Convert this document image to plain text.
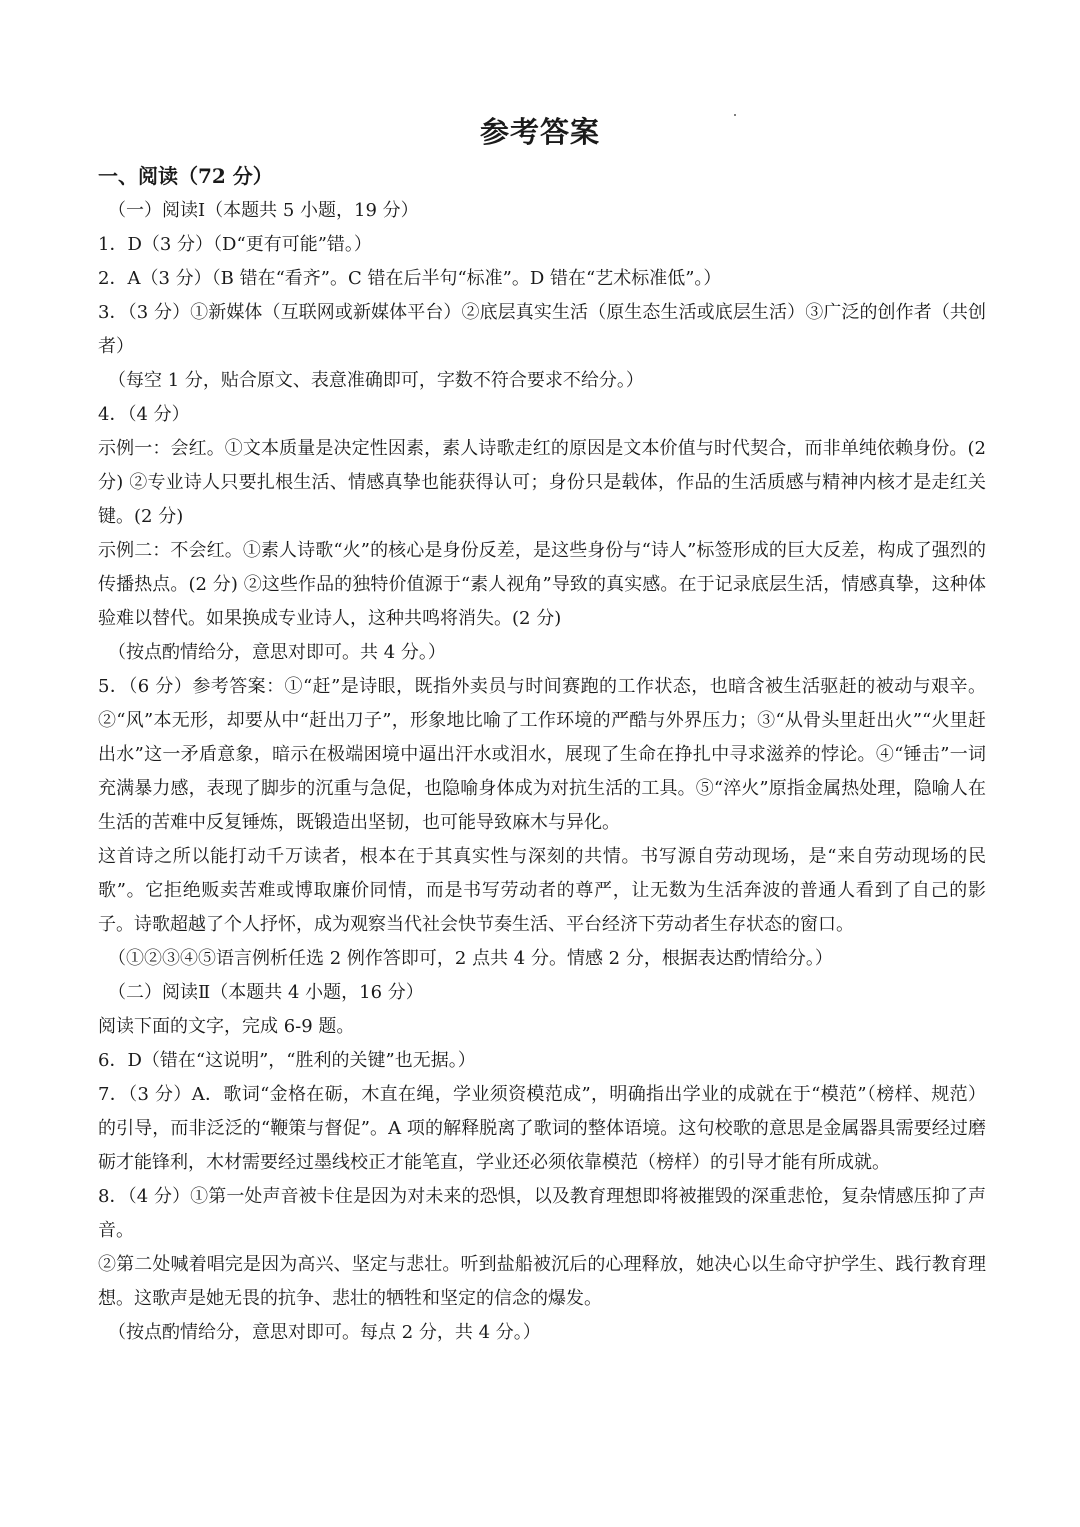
参考答案
一、阅读（72 分）

（一）阅读Ⅰ（本题共 5 小题，19 分）

1．D（3 分）（D“更有可能”错。）

2．A（3 分）（B 错在“看齐”。C 错在后半句“标准”。D 错在“艺术标准低”。）

3．（3 分）①新媒体（互联网或新媒体平台）②底层真实生活（原生态生活或底层生活）③广泛的创作者（共创者）

（每空 1 分，贴合原文、表意准确即可，字数不符合要求不给分。）

4．（4 分）

示例一：会红。①文本质量是决定性因素，素人诗歌走红的原因是文本价值与时代契合，而非单纯依赖身份。(2 分) ②专业诗人只要扎根生活、情感真挚也能获得认可；身份只是载体，作品的生活质感与精神内核才是走红关键。(2 分)

示例二：不会红。①素人诗歌“火”的核心是身份反差，是这些身份与“诗人”标签形成的巨大反差，构成了强烈的传播热点。(2 分) ②这些作品的独特价值源于“素人视角”导致的真实感。在于记录底层生活，情感真挚，这种体验难以替代。如果换成专业诗人，这种共鸣将消失。(2 分)

（按点酌情给分，意思对即可。共 4 分。）

5．（6 分）参考答案：①“赶”是诗眼，既指外卖员与时间赛跑的工作状态，也暗含被生活驱赶的被动与艰辛。②“风”本无形，却要从中“赶出刀子”，形象地比喻了工作环境的严酷与外界压力；③“从骨头里赶出火”“火里赶出水”这一矛盾意象，暗示在极端困境中逼出汗水或泪水，展现了生命在挣扎中寻求滋养的悖论。④“锤击”一词充满暴力感，表现了脚步的沉重与急促，也隐喻身体成为对抗生活的工具。⑤“淬火”原指金属热处理，隐喻人在生活的苦难中反复锤炼，既锻造出坚韧，也可能导致麻木与异化。

这首诗之所以能打动千万读者，根本在于其真实性与深刻的共情。书写源自劳动现场，是“来自劳动现场的民歌”。它拒绝贩卖苦难或博取廉价同情，而是书写劳动者的尊严，让无数为生活奔波的普通人看到了自己的影子。诗歌超越了个人抒怀，成为观察当代社会快节奏生活、平台经济下劳动者生存状态的窗口。

（①②③④⑤语言例析任选 2 例作答即可，2 点共 4 分。情感 2 分，根据表达酌情给分。）

（二）阅读Ⅱ（本题共 4 小题，16 分）

阅读下面的文字，完成 6-9 题。

6．D（错在“这说明”，“胜利的关键”也无据。）

7．（3 分）A．歌词“金格在砺，木直在绳，学业须资模范成”，明确指出学业的成就在于“模范”（榜样、规范）的引导，而非泛泛的“鞭策与督促”。A 项的解释脱离了歌词的整体语境。这句校歌的意思是金属器具需要经过磨砺才能锋利，木材需要经过墨线校正才能笔直，学业还必须依靠模范（榜样）的引导才能有所成就。

8．（4 分）①第一处声音被卡住是因为对未来的恐惧，以及教育理想即将被摧毁的深重悲怆，复杂情感压抑了声音。

②第二处喊着唱完是因为高兴、坚定与悲壮。听到盐船被沉后的心理释放，她决心以生命守护学生、践行教育理想。这歌声是她无畏的抗争、悲壮的牺牲和坚定的信念的爆发。

（按点酌情给分，意思对即可。每点 2 分，共 4 分。）
